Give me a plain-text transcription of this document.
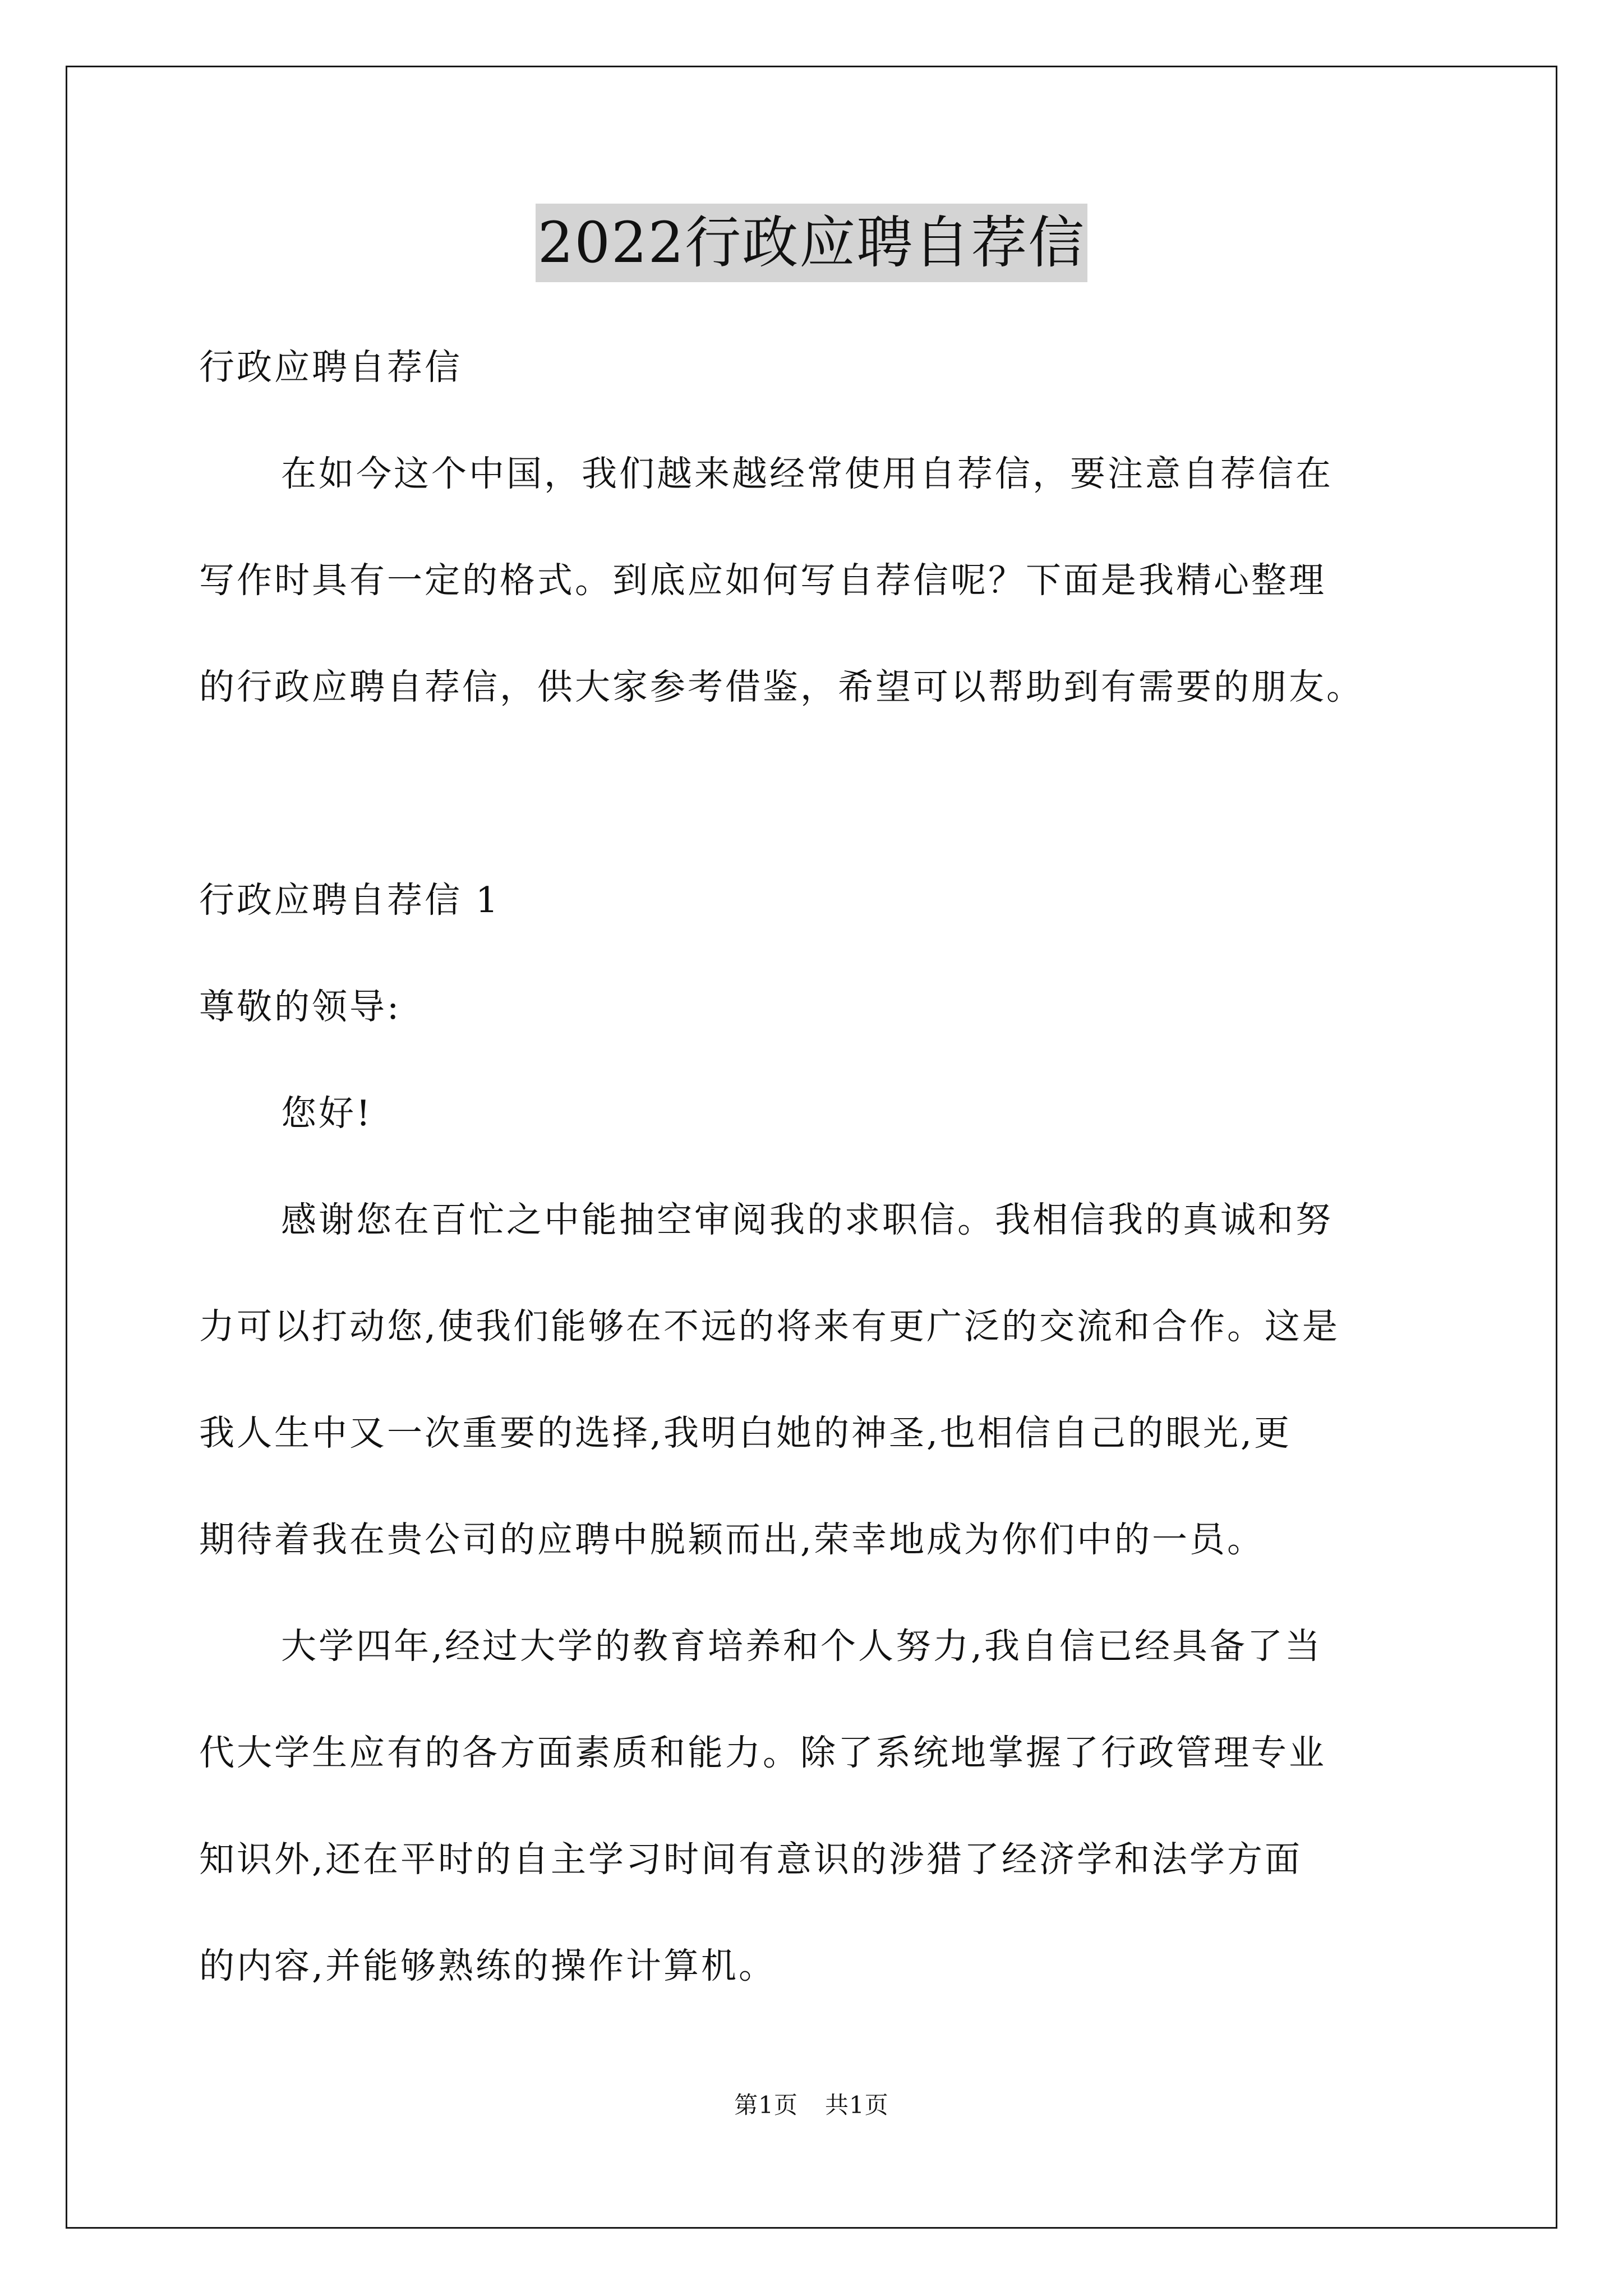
2022行政应聘自荐信
行政应聘自荐信
在如今这个中国，我们越来越经常使用自荐信，要注意自荐信在
写作时具有一定的格式。到底应如何写自荐信呢？下面是我精心整理
的行政应聘自荐信，供大家参考借鉴，希望可以帮助到有需要的朋友。
行政应聘自荐信 1
尊敬的领导:
您好!
感谢您在百忙之中能抽空审阅我的求职信。我相信我的真诚和努
力可以打动您,使我们能够在不远的将来有更广泛的交流和合作。这是
我人生中又一次重要的选择,我明白她的神圣,也相信自己的眼光,更
期待着我在贵公司的应聘中脱颖而出,荣幸地成为你们中的一员。
大学四年,经过大学的教育培养和个人努力,我自信已经具备了当
代大学生应有的各方面素质和能力。除了系统地掌握了行政管理专业
知识外,还在平时的自主学习时间有意识的涉猎了经济学和法学方面
的内容,并能够熟练的操作计算机。
第1页 共1页
